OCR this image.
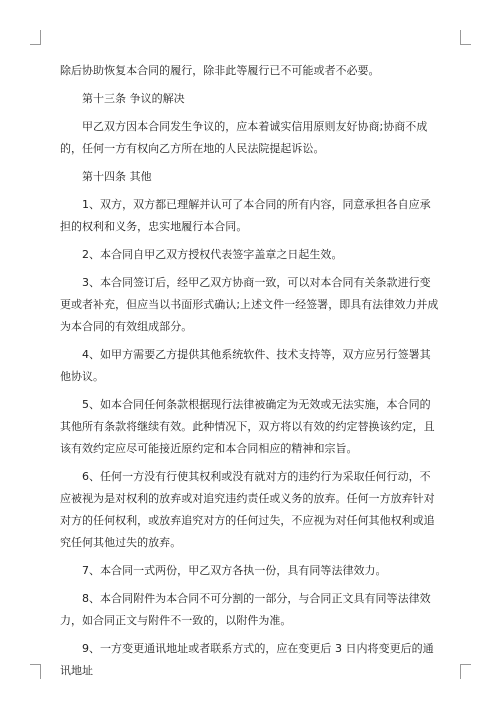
除后协助恢复本合同的履行，除非此等履行已不可能或者不必要。

第十三条 争议的解决

甲乙双方因本合同发生争议的，应本着诚实信用原则友好协商;协商不成的，任何一方有权向乙方所在地的人民法院提起诉讼。

第十四条 其他

1、双方，双方都已理解并认可了本合同的所有内容，同意承担各自应承担的权利和义务，忠实地履行本合同。

2、本合同自甲乙双方授权代表签字盖章之日起生效。

3、本合同签订后，经甲乙双方协商一致，可以对本合同有关条款进行变更或者补充，但应当以书面形式确认;上述文件一经签署，即具有法律效力并成为本合同的有效组成部分。

4、如甲方需要乙方提供其他系统软件、技术支持等，双方应另行签署其他协议。

5、如本合同任何条款根据现行法律被确定为无效或无法实施，本合同的其他所有条款将继续有效。此种情况下，双方将以有效的约定替换该约定，且该有效约定应尽可能接近原约定和本合同相应的精神和宗旨。

6、任何一方没有行使其权利或没有就对方的违约行为采取任何行动，不应被视为是对权利的放弃或对追究违约责任或义务的放弃。任何一方放弃针对对方的任何权利，或放弃追究对方的任何过失，不应视为对任何其他权利或追究任何其他过失的放弃。

7、本合同一式两份，甲乙双方各执一份，具有同等法律效力。

8、本合同附件为本合同不可分割的一部分，与合同正文具有同等法律效力，如合同正文与附件不一致的，以附件为准。

9、一方变更通讯地址或者联系方式的，应在变更后 3 日内将变更后的通讯地址
